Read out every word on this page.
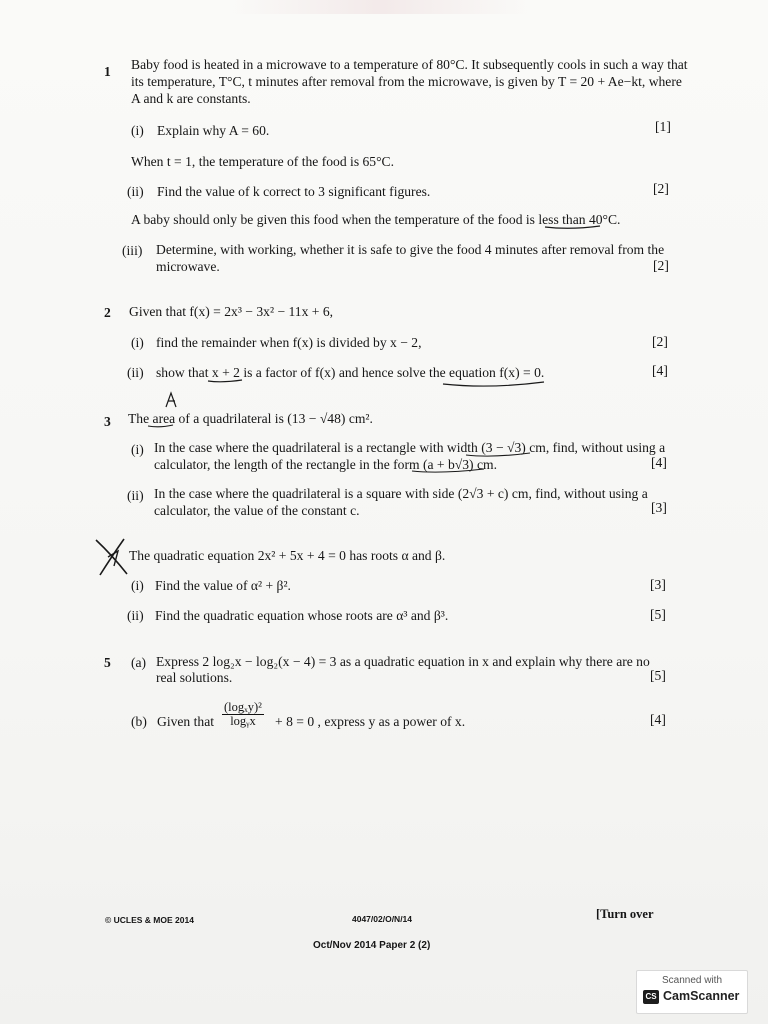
1 Baby food is heated in a microwave to a temperature of 80°C. It subsequently cools in such a way that
its temperature, T°C, t minutes after removal from the microwave, is given by T = 20 + Ae−kt, where
A and k are constants.
(i) Explain why A = 60.	[1]
When t = 1, the temperature of the food is 65°C.
(ii) Find the value of k correct to 3 significant figures.	[2]
A baby should only be given this food when the temperature of the food is less than 40°C.
(iii) Determine, with working, whether it is safe to give the food 4 minutes after removal from the
microwave.	[2]
2 Given that f(x) = 2x³ − 3x² − 11x + 6,
(i) find the remainder when f(x) is divided by x − 2,	[2]
(ii) show that x + 2 is a factor of f(x) and hence solve the equation f(x) = 0.	[4]
3 The area of a quadrilateral is (13 − √48) cm².
(i) In the case where the quadrilateral is a rectangle with width (3 − √3) cm, find, without using a
calculator, the length of the rectangle in the form (a + b√3) cm.	[4]
(ii) In the case where the quadrilateral is a square with side (2√3 + c) cm, find, without using a
calculator, the value of the constant c.	[3]
The quadratic equation 2x² + 5x + 4 = 0 has roots α and β.
(i) Find the value of α² + β².	[3]
(ii) Find the quadratic equation whose roots are α³ and β³.	[5]
5 (a) Express 2 log₂x − log₂(x − 4) = 3 as a quadratic equation in x and explain why there are no
real solutions.	[5]
(b) Given that $\frac{\text{(logₓy)²}}{\text{logᵧx}} + 8 = 0$ , express y as a power of x.	[4]
© UCLES & MOE 2014	4047/02/O/N/14	[Turn over
Oct/Nov 2014 Paper 2 (2)
Scanned with
CS CamScanner
